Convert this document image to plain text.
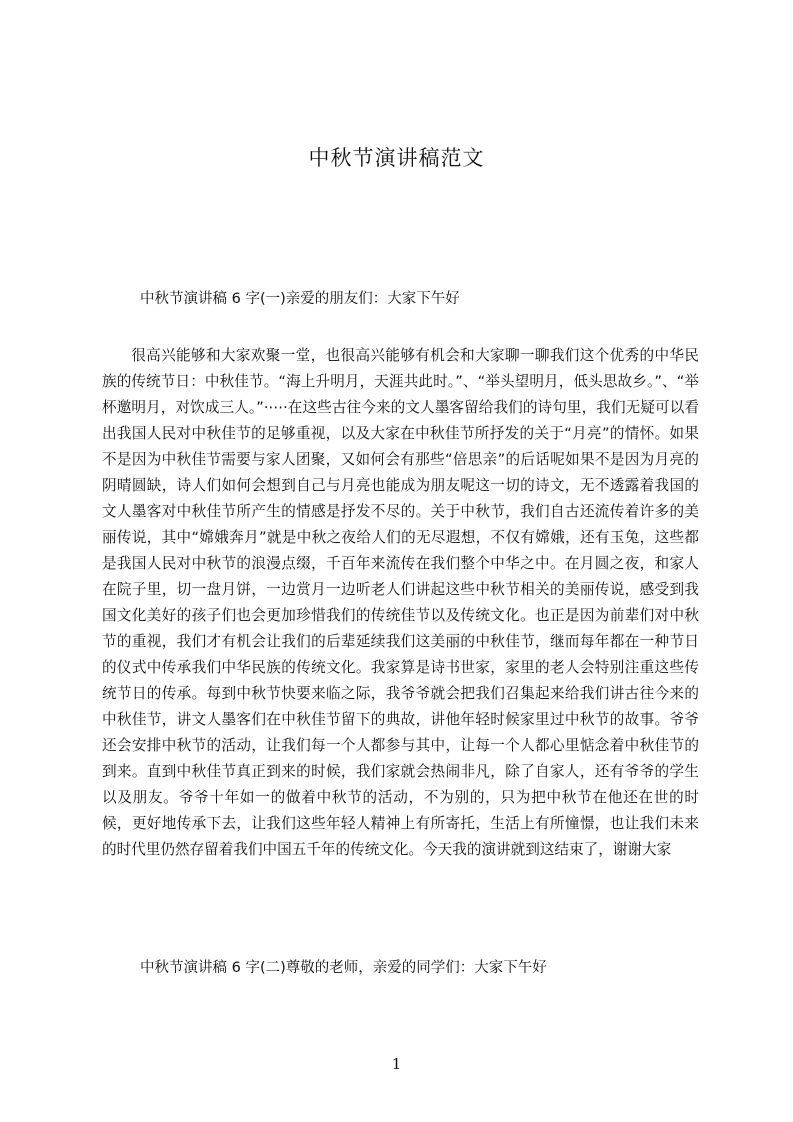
中秋节演讲稿范文
中秋节演讲稿 6 字(一)亲爱的朋友们：大家下午好

很高兴能够和大家欢聚一堂，也很高兴能够有机会和大家聊一聊我们这个优秀的中华民族的传统节日：中秋佳节。“海上升明月，天涯共此时。”、“举头望明月，低头思故乡。”、“举杯邀明月，对饮成三人。”·⋯·在这些古往今来的文人墨客留给我们的诗句里，我们无疑可以看出我国人民对中秋佳节的足够重视，以及大家在中秋佳节所抒发的关于“月亮”的情怀。如果不是因为中秋佳节需要与家人团聚，又如何会有那些“倍思亲”的后话呢如果不是因为月亮的阴晴圆缺，诗人们如何会想到自己与月亮也能成为朋友呢这一切的诗文，无不透露着我国的文人墨客对中秋佳节所产生的情感是抒发不尽的。关于中秋节，我们自古还流传着许多的美丽传说，其中“嫦娥奔月”就是中秋之夜给人们的无尽遐想，不仅有嫦娥，还有玉兔，这些都是我国人民对中秋节的浪漫点缀，千百年来流传在我们整个中华之中。在月圆之夜，和家人在院子里，切一盘月饼，一边赏月一边听老人们讲起这些中秋节相关的美丽传说，感受到我国文化美好的孩子们也会更加珍惜我们的传统佳节以及传统文化。也正是因为前辈们对中秋节的重视，我们才有机会让我们的后辈延续我们这美丽的中秋佳节，继而每年都在一种节日的仪式中传承我们中华民族的传统文化。我家算是诗书世家，家里的老人会特别注重这些传统节日的传承。每到中秋节快要来临之际，我爷爷就会把我们召集起来给我们讲古往今来的中秋佳节，讲文人墨客们在中秋佳节留下的典故，讲他年轻时候家里过中秋节的故事。爷爷还会安排中秋节的活动，让我们每一个人都参与其中，让每一个人都心里惦念着中秋佳节的到来。直到中秋佳节真正到来的时候，我们家就会热闹非凡，除了自家人，还有爷爷的学生以及朋友。爷爷十年如一的做着中秋节的活动，不为别的，只为把中秋节在他还在世的时候，更好地传承下去，让我们这些年轻人精神上有所寄托，生活上有所憧憬，也让我们未来的时代里仍然存留着我们中国五千年的传统文化。今天我的演讲就到这结束了，谢谢大家

中秋节演讲稿 6 字(二)尊敬的老师，亲爱的同学们：大家下午好
1
